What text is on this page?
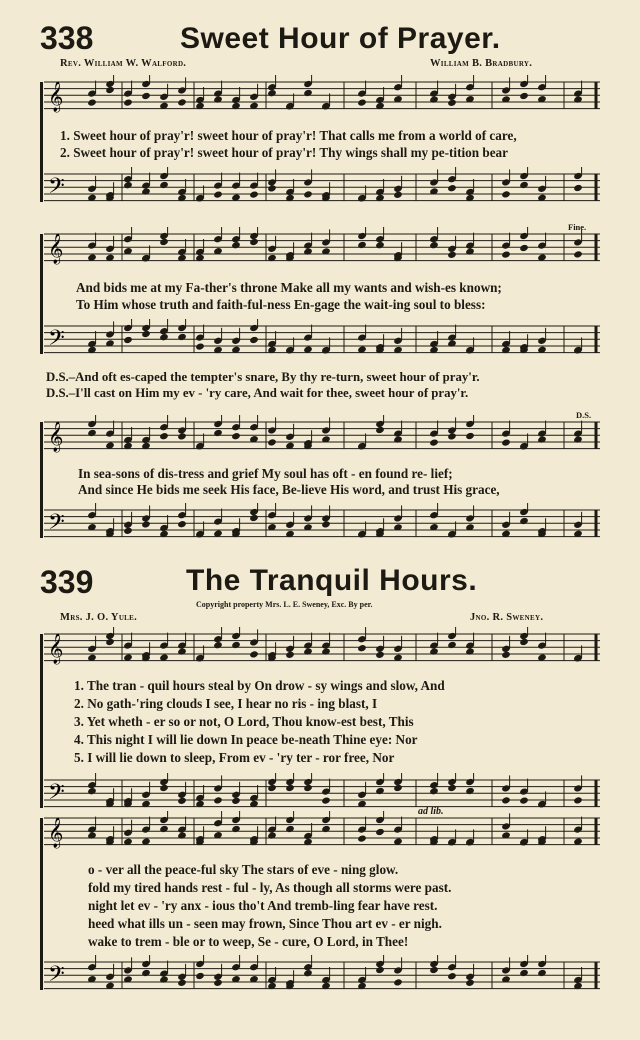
338	Sweet Hour of Prayer.
Rev. William W. Walford.	William B. Bradbury.
𝄞
1. Sweet hour of pray'r! sweet hour of pray'r! That calls me from a world of care,
2. Sweet hour of pray'r! sweet hour of pray'r! Thy wings shall my pe-tition bear
𝄢
Fine.
𝄞
And bids me at my Fa-ther's throne Make all my wants and wish-es known;
To Him whose truth and faith-ful-ness En-gage the wait-ing soul to bless:
𝄢
D.S.–And oft es-caped the tempter's snare, By thy re-turn, sweet hour of pray'r.
D.S.–I'll cast on Him my ev - 'ry care, And wait for thee, sweet hour of pray'r.
D.S.
𝄞
In sea-sons of dis-tress and grief My soul has oft - en found re- lief;
And since He bids me seek His face, Be-lieve His word, and trust His grace,
𝄢
339	The Tranquil Hours.
Copyright property Mrs. L. E. Sweney, Exc. By per.
Mrs. J. O. Yule.	Jno. R. Sweney.
𝄞
1. The tran - quil hours steal by On drow - sy wings and slow, And
2. No gath-'ring clouds I see, I hear no ris - ing blast, I
3. Yet wheth - er so or not, O Lord, Thou know-est best, This
4. This night I will lie down In peace be-neath Thine eye: Nor
5. I will lie down to sleep, From ev - 'ry ter - ror free, Nor
𝄢
ad lib.
𝄞
o - ver all the peace-ful sky The stars of eve - ning glow.
fold my tired hands rest - ful - ly, As though all storms were past.
night let ev - 'ry anx - ious tho't And tremb-ling fear have rest.
heed what ills un - seen may frown, Since Thou art ev - er nigh.
wake to trem - ble or to weep, Se - cure, O Lord, in Thee!
𝄢
